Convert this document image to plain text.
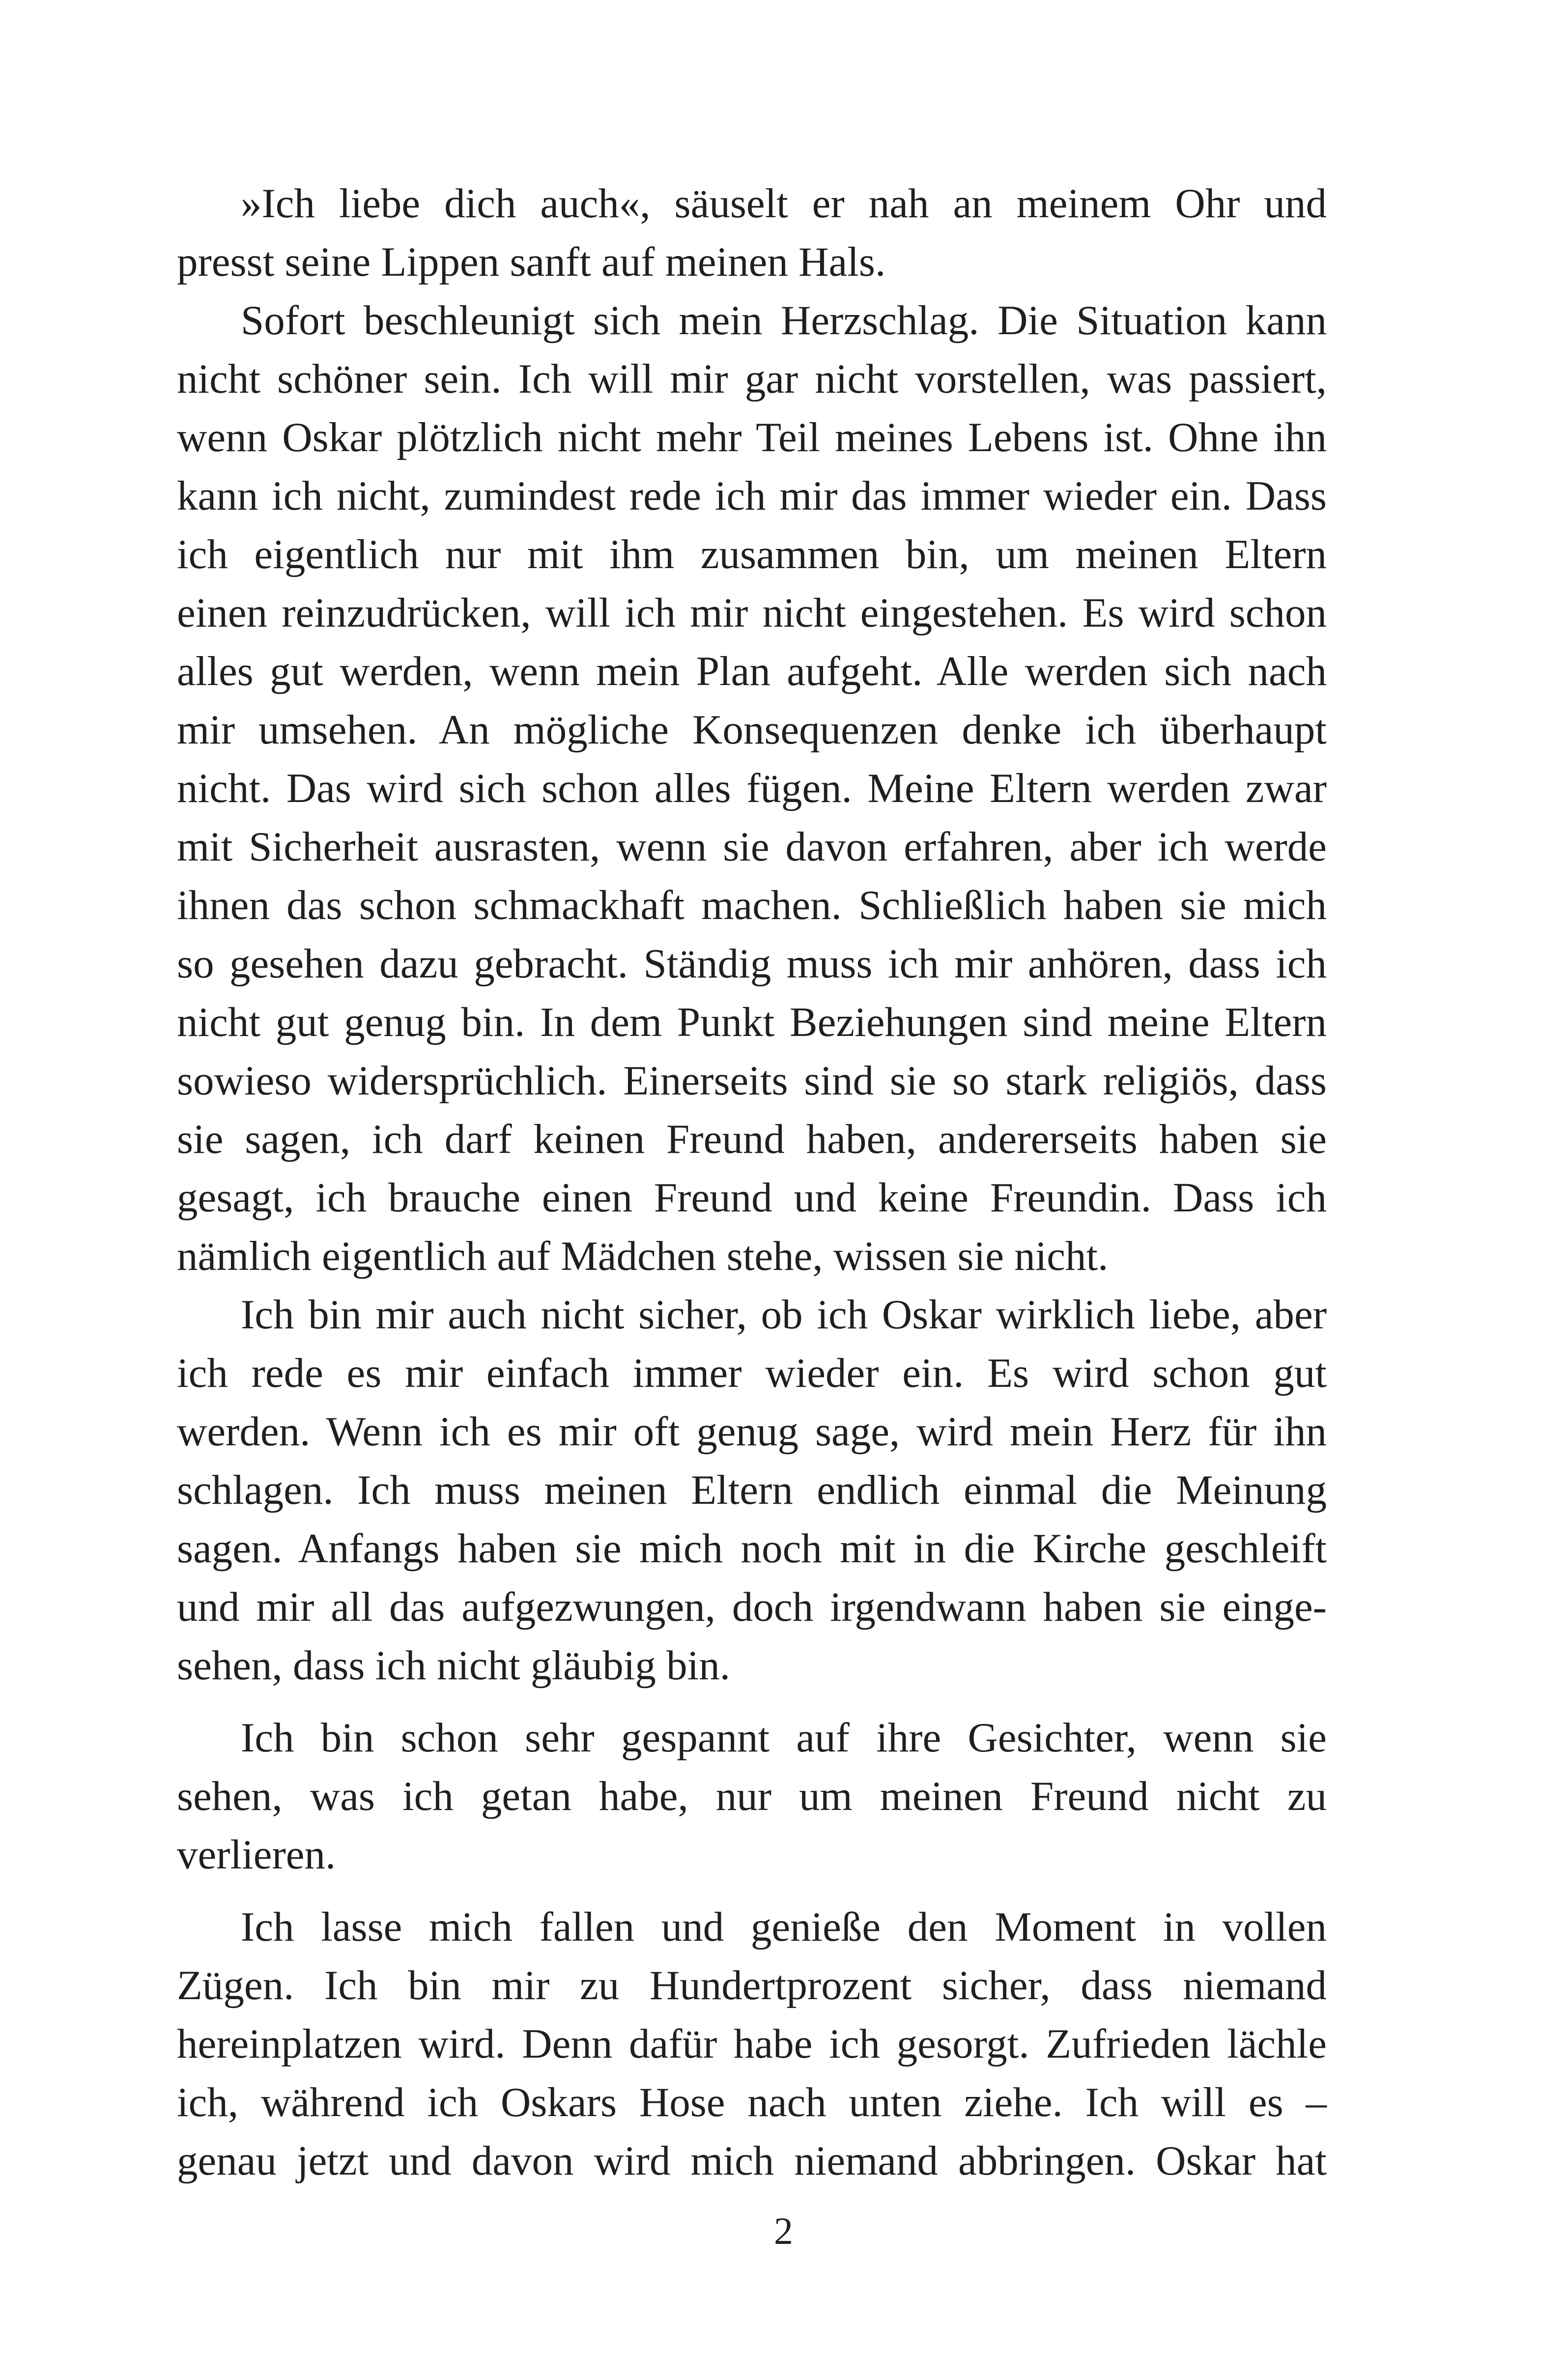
»Ich liebe dich auch«, säuselt er nah an meinem Ohr und
presst seine Lippen sanft auf meinen Hals.
Sofort beschleunigt sich mein Herzschlag. Die Situation kann
nicht schöner sein. Ich will mir gar nicht vorstellen, was passiert,
wenn Oskar plötzlich nicht mehr Teil meines Lebens ist. Ohne ihn
kann ich nicht, zumindest rede ich mir das immer wieder ein. Dass
ich eigentlich nur mit ihm zusammen bin, um meinen Eltern
einen reinzudrücken, will ich mir nicht eingestehen. Es wird schon
alles gut werden, wenn mein Plan aufgeht. Alle werden sich nach
mir umsehen. An mögliche Konsequenzen denke ich überhaupt
nicht. Das wird sich schon alles fügen. Meine Eltern werden zwar
mit Sicherheit ausrasten, wenn sie davon erfahren, aber ich werde
ihnen das schon schmackhaft machen. Schließlich haben sie mich
so gesehen dazu gebracht. Ständig muss ich mir anhören, dass ich
nicht gut genug bin. In dem Punkt Beziehungen sind meine Eltern
sowieso widersprüchlich. Einerseits sind sie so stark religiös, dass
sie sagen, ich darf keinen Freund haben, andererseits haben sie
gesagt, ich brauche einen Freund und keine Freundin. Dass ich
nämlich eigentlich auf Mädchen stehe, wissen sie nicht.
Ich bin mir auch nicht sicher, ob ich Oskar wirklich liebe, aber
ich rede es mir einfach immer wieder ein. Es wird schon gut
werden. Wenn ich es mir oft genug sage, wird mein Herz für ihn
schlagen. Ich muss meinen Eltern endlich einmal die Meinung
sagen. Anfangs haben sie mich noch mit in die Kirche geschleift
und mir all das aufgezwungen, doch irgendwann haben sie einge-
sehen, dass ich nicht gläubig bin.
Ich bin schon sehr gespannt auf ihre Gesichter, wenn sie
sehen, was ich getan habe, nur um meinen Freund nicht zu
verlieren.
Ich lasse mich fallen und genieße den Moment in vollen
Zügen. Ich bin mir zu Hundertprozent sicher, dass niemand
hereinplatzen wird. Denn dafür habe ich gesorgt. Zufrieden lächle
ich, während ich Oskars Hose nach unten ziehe. Ich will es –
genau jetzt und davon wird mich niemand abbringen. Oskar hat
2
